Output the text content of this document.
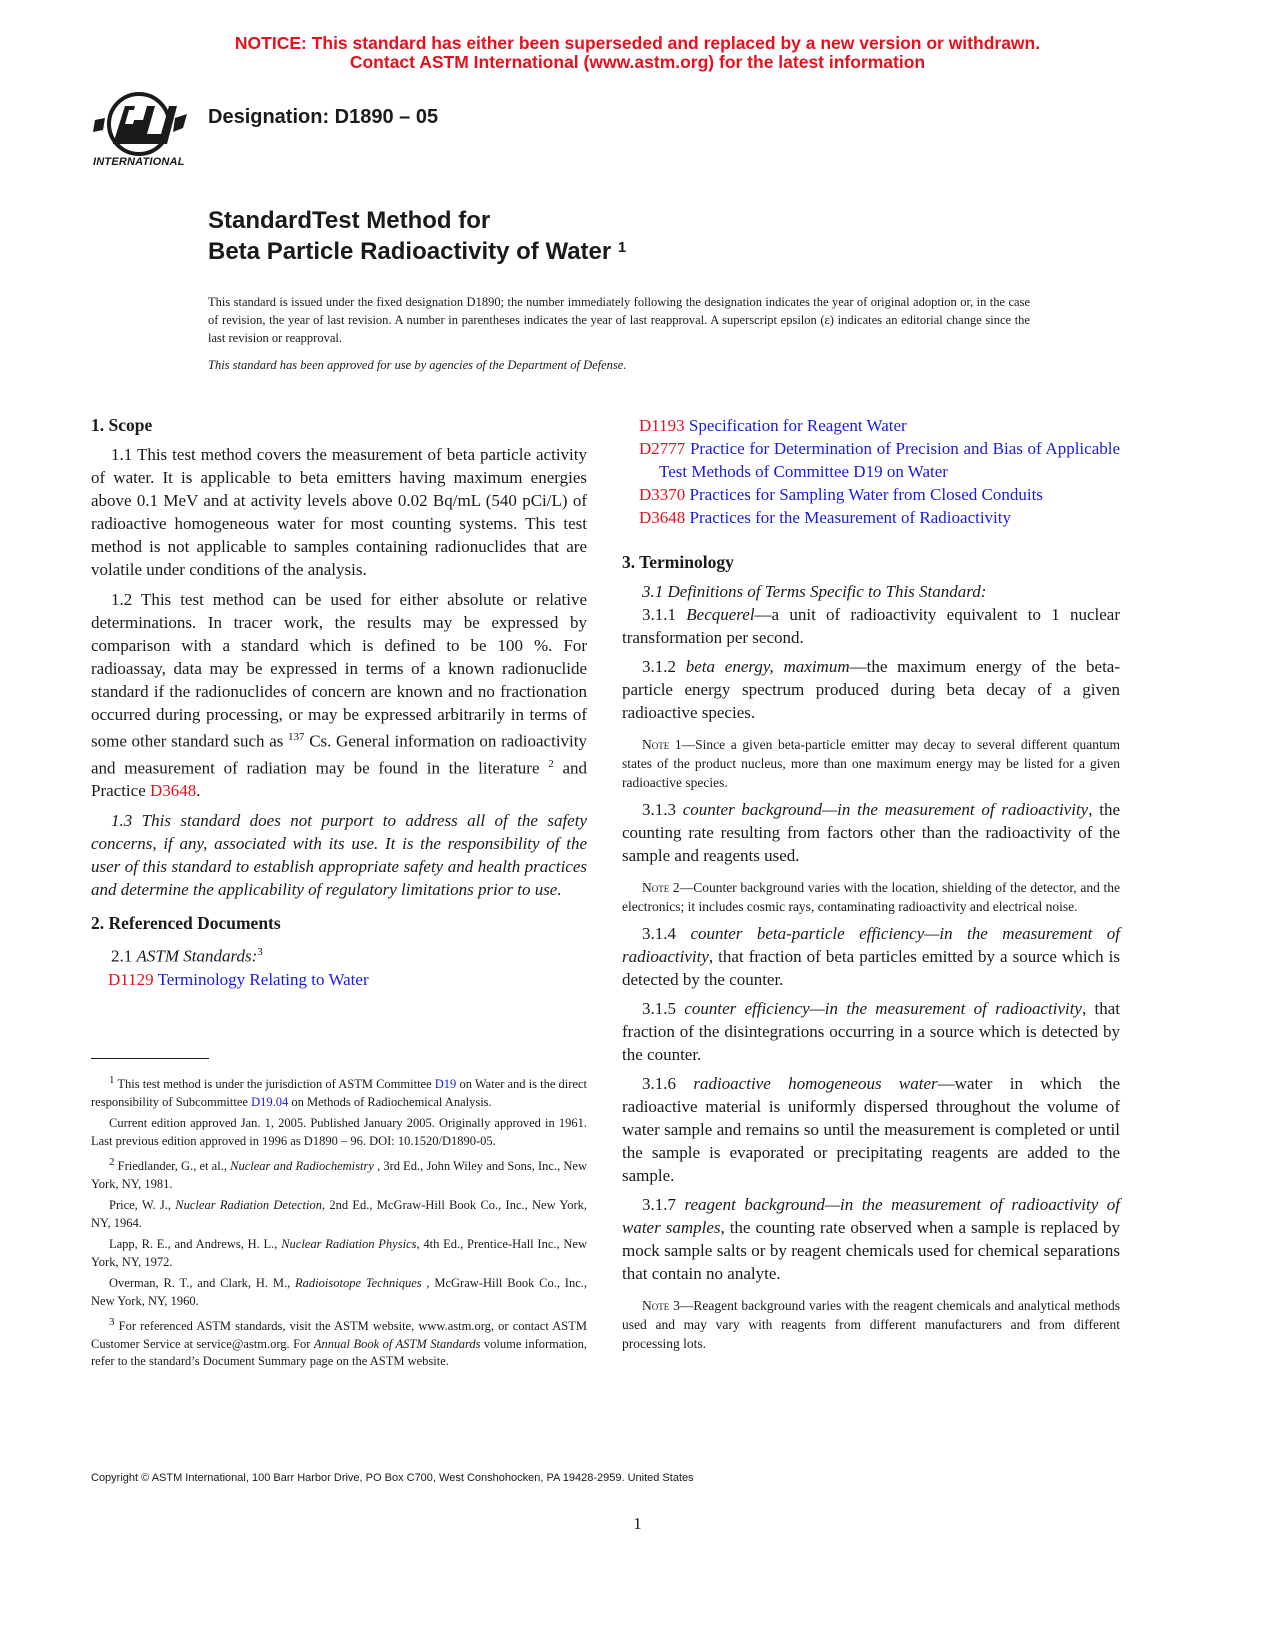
NOTICE: This standard has either been superseded and replaced by a new version or withdrawn.
Contact ASTM International (www.astm.org) for the latest information
INTERNATIONAL
Designation: D1890 – 05
StandardTest Method for
Beta Particle Radioactivity of Water $^1$
This standard is issued under the fixed designation D1890; the number immediately following the designation indicates the year of original adoption or, in the case of revision, the year of last revision. A number in parentheses indicates the year of last reapproval. A superscript epsilon (ε) indicates an editorial change since the last revision or reapproval.
This standard has been approved for use by agencies of the Department of Defense.

1. Scope

1.1 This test method covers the measurement of beta particle activity of water. It is applicable to beta emitters having maximum energies above 0.1 MeV and at activity levels above 0.02 Bq/mL (540 pCi/L) of radioactive homogeneous water for most counting systems. This test method is not applicable to samples containing radionuclides that are volatile under conditions of the analysis.

1.2 This test method can be used for either absolute or relative determinations. In tracer work, the results may be expressed by comparison with a standard which is defined to be 100 %. For radioassay, data may be expressed in terms of a known radionuclide standard if the radionuclides of concern are known and no fractionation occurred during processing, or may be expressed arbitrarily in terms of some other standard such as $^{137}$ Cs. General information on radioactivity and measurement of radiation may be found in the literature $^2$ and Practice D3648.

1.3 This standard does not purport to address all of the safety concerns, if any, associated with its use. It is the responsibility of the user of this standard to establish appropriate safety and health practices and determine the applicability of regulatory limitations prior to use.

2. Referenced Documents

2.1 ASTM Standards:$^3$

D1129 Terminology Relating to Water

$^1$ This test method is under the jurisdiction of ASTM Committee D19 on Water and is the direct responsibility of Subcommittee D19.04 on Methods of Radiochemical Analysis.

Current edition approved Jan. 1, 2005. Published January 2005. Originally approved in 1961. Last previous edition approved in 1996 as D1890 – 96. DOI: 10.1520/D1890-05.

$^2$ Friedlander, G., et al., Nuclear and Radiochemistry , 3rd Ed., John Wiley and Sons, Inc., New York, NY, 1981.

Price, W. J., Nuclear Radiation Detection, 2nd Ed., McGraw-Hill Book Co., Inc., New York, NY, 1964.

Lapp, R. E., and Andrews, H. L., Nuclear Radiation Physics, 4th Ed., Prentice-Hall Inc., New York, NY, 1972.

Overman, R. T., and Clark, H. M., Radioisotope Techniques , McGraw-Hill Book Co., Inc., New York, NY, 1960.

$^3$ For referenced ASTM standards, visit the ASTM website, www.astm.org, or contact ASTM Customer Service at service@astm.org. For Annual Book of ASTM Standards volume information, refer to the standard’s Document Summary page on the ASTM website.

D1193 Specification for Reagent Water

D2777 Practice for Determination of Precision and Bias of Applicable Test Methods of Committee D19 on Water

D3370 Practices for Sampling Water from Closed Conduits

D3648 Practices for the Measurement of Radioactivity

3. Terminology

3.1 Definitions of Terms Specific to This Standard:

3.1.1 Becquerel—a unit of radioactivity equivalent to 1 nuclear transformation per second.

3.1.2 beta energy, maximum—the maximum energy of the beta-particle energy spectrum produced during beta decay of a given radioactive species.

Note 1—Since a given beta-particle emitter may decay to several different quantum states of the product nucleus, more than one maximum energy may be listed for a given radioactive species.

3.1.3 counter background—in the measurement of radioactivity, the counting rate resulting from factors other than the radioactivity of the sample and reagents used.

Note 2—Counter background varies with the location, shielding of the detector, and the electronics; it includes cosmic rays, contaminating radioactivity and electrical noise.

3.1.4 counter beta-particle efficiency—in the measurement of radioactivity, that fraction of beta particles emitted by a source which is detected by the counter.

3.1.5 counter efficiency—in the measurement of radioactivity, that fraction of the disintegrations occurring in a source which is detected by the counter.

3.1.6 radioactive homogeneous water—water in which the radioactive material is uniformly dispersed throughout the volume of water sample and remains so until the measurement is completed or until the sample is evaporated or precipitating reagents are added to the sample.

3.1.7 reagent background—in the measurement of radioactivity of water samples, the counting rate observed when a sample is replaced by mock sample salts or by reagent chemicals used for chemical separations that contain no analyte.

Note 3—Reagent background varies with the reagent chemicals and analytical methods used and may vary with reagents from different manufacturers and from different processing lots.

Copyright © ASTM International, 100 Barr Harbor Drive, PO Box C700, West Conshohocken, PA 19428-2959. United States
1
